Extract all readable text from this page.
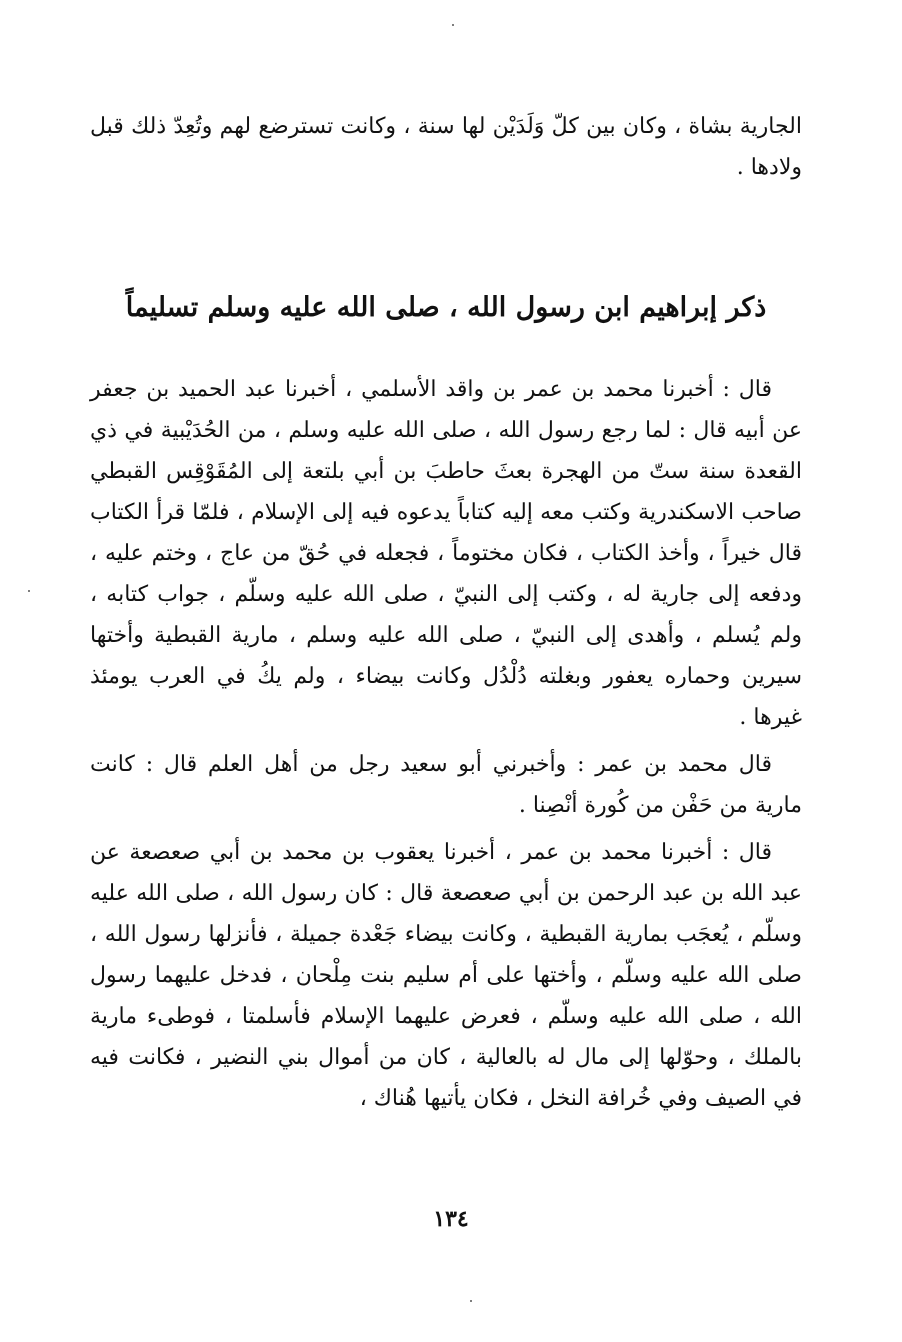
الجارية بشاة ، وكان بين كلّ وَلَدَيْن لها سنة ، وكانت تسترضع لهم وتُعِدّ ذلك قبل ولادها .

ذكر إبراهيم ابن رسول الله ، صلى الله عليه وسلم تسليماً

قال : أخبرنا محمد بن عمر بن واقد الأسلمي ، أخبرنا عبد الحميد بن جعفر عن أبيه قال : لما رجع رسول الله ، صلى الله عليه وسلم ، من الحُدَيْبية في ذي القعدة سنة ستّ من الهجرة بعثَ حاطبَ بن أبي بلتعة إلى المُقَوْقِس القبطي صاحب الاسكندرية وكتب معه إليه كتاباً يدعوه فيه إلى الإسلام ، فلمّا قرأ الكتاب قال خيراً ، وأخذ الكتاب ، فكان مختوماً ، فجعله في حُقّ من عاج ، وختم عليه ، ودفعه إلى جارية له ، وكتب إلى النبيّ ، صلى الله عليه وسلّم ، جواب كتابه ، ولم يُسلم ، وأهدى إلى النبيّ ، صلى الله عليه وسلم ، مارية القبطية وأختها سيرين وحماره يعفور وبغلته دُلْدُل وكانت بيضاء ، ولم يكُ في العرب يومئذ غيرها .

قال محمد بن عمر : وأخبرني أبو سعيد رجل من أهل العلم قال : كانت مارية من حَفْن من كُورة أنْصِنا .

قال : أخبرنا محمد بن عمر ، أخبرنا يعقوب بن محمد بن أبي صعصعة عن عبد الله بن عبد الرحمن بن أبي صعصعة قال : كان رسول الله ، صلى الله عليه وسلّم ، يُعجَب بمارية القبطية ، وكانت بيضاء جَعْدة جميلة ، فأنزلها رسول الله ، صلى الله عليه وسلّم ، وأختها على أم سليم بنت مِلْحان ، فدخل عليهما رسول الله ، صلى الله عليه وسلّم ، فعرض عليهما الإسلام فأسلمتا ، فوطىء مارية بالملك ، وحوّلها إلى مال له بالعالية ، كان من أموال بني النضير ، فكانت فيه في الصيف وفي خُرافة النخل ، فكان يأتيها هُناك ،

١٣٤
